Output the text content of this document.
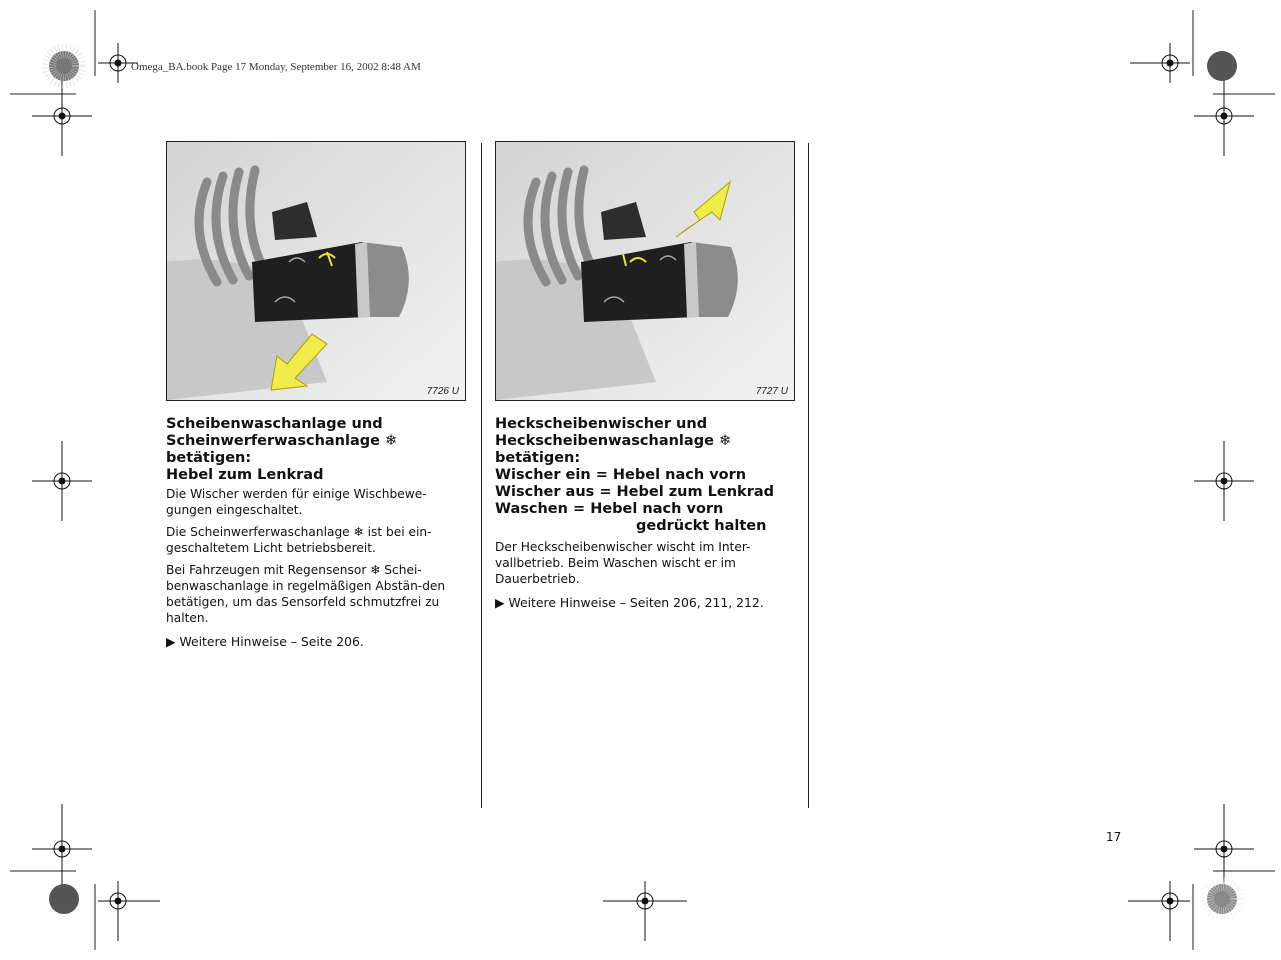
Omega_BA.book Page 17 Monday, September 16, 2002 8:48 AM
7726 U	7727 U

Scheibenwaschanlage und
Scheinwerferwaschanlage ❄
betätigen:
Hebel zum Lenkrad

Die Wischer werden für einige Wischbewe-gungen eingeschaltet.

Die Scheinwerferwaschanlage ❄ ist bei ein-geschaltetem Licht betriebsbereit.

Bei Fahrzeugen mit Regensensor ❄ Schei-benwaschanlage in regelmäßigen Abstän-den betätigen, um das Sensorfeld schmutzfrei zu halten.

▶ Weitere Hinweise – Seite 206.

Heckscheibenwischer und
Heckscheibenwaschanlage ❄
betätigen:
Wischer ein = Hebel nach vorn
Wischer aus = Hebel zum Lenkrad
Waschen = Hebel nach vorn
gedrückt halten

Der Heckscheibenwischer wischt im Inter-vallbetrieb. Beim Waschen wischt er im Dauerbetrieb.

▶ Weitere Hinweise – Seiten 206, 211, 212.

17
